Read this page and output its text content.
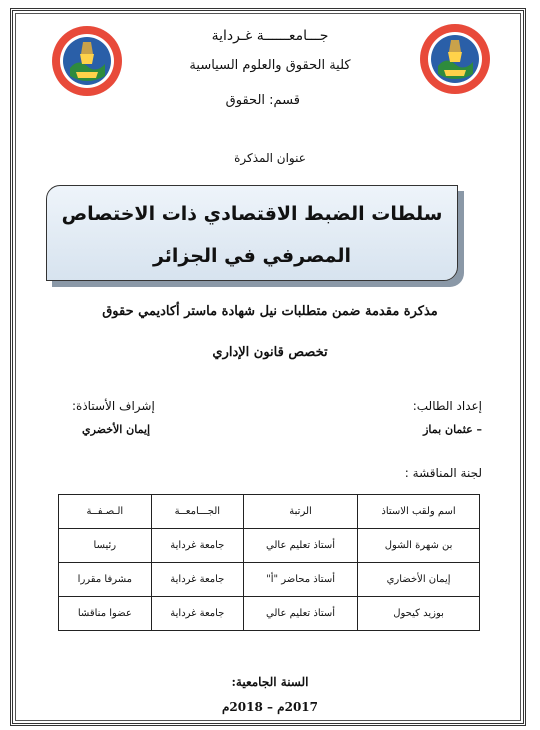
جـــامعــــــة غـرداية
كلية الحقوق والعلوم السياسية
قسم: الحقوق
عنوان المذكرة
سلطات الضبط الاقتصادي ذات الاختصاص
المصرفي في الجزائر
مذكرة مقدمة ضمن متطلبات نيل شهادة ماستر أكاديمي حقوق
تخصص قانون الإداري
إعداد الطالب:
– عثمان بماز
إشراف الأستاذة:
إيمان الأخضري
لجنة المناقشة :
اسم ولقب الاستاذ	الرتبة	الجـــامعــة	الـصـفــة
بن شهرة الشول	أستاذ تعليم عالي	جامعة غرداية	رئيسا
إيمان الأخضاري	أستاذ محاضر "أ"	جامعة غرداية	مشرفا مقررا
بوزيد كيحول	أستاذ تعليم عالي	جامعة غرداية	عضوا مناقشا
السنة الجامعية:
2017م – 2018م
